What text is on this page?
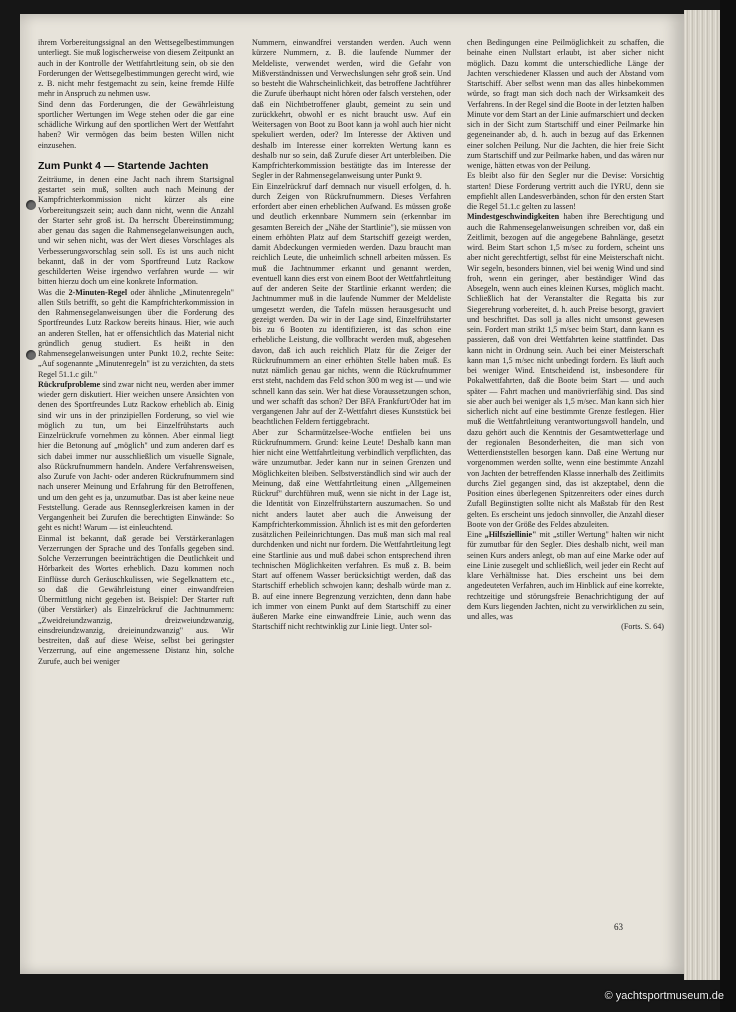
ihrem Vorbereitungssignal an den Wettsegelbestimmungen unterliegt. Sie muß logischerweise von diesem Zeitpunkt an auch in der Kontrolle der Wettfahrtleitung sein, ob sie den Forderungen der Wettsegelbestimmungen gerecht wird, wie z. B. nicht mehr festgemacht zu sein, keine fremde Hilfe mehr in Anspruch zu nehmen usw.

Sind denn das Forderungen, die der Gewährleistung sportlicher Wertungen im Wege stehen oder die gar eine schädliche Wirkung auf den sportlichen Wert der Wettfahrt haben? Wir vermögen das beim besten Willen nicht einzusehen.

Zum Punkt 4 — Startende Jachten

Zeiträume, in denen eine Jacht nach ihrem Startsignal gestartet sein muß, sollten auch nach Meinung der Kampfrichterkommission nicht kürzer als eine Vorbereitungszeit sein; auch dann nicht, wenn die Anzahl der Starter sehr groß ist. Da herrscht Übereinstimmung; aber genau das sagen die Rahmensegelanweisungen auch, und wir sehen nicht, was der Wert dieses Vorschlages als Verbesserungsvorschlag sein soll. Es ist uns auch nicht bekannt, daß in der vom Sportfreund Lutz Rackow geschilderten Weise irgendwo verfahren wurde — wir bitten hierzu doch um eine konkrete Information.

Was die 2-Minuten-Regel oder ähnliche „Minutenregeln" allen Stils betrifft, so geht die Kampfrichterkommission in den Rahmensegelanweisungen über die Forderung des Sportfreundes Lutz Rackow bereits hinaus. Hier, wie auch an anderen Stellen, hat er offensichtlich das Material nicht gründlich genug studiert. Es heißt in den Rahmensegelanweisungen unter Punkt 10.2, rechte Seite: „Auf sogenannte „Minutenregeln" ist zu verzichten, da stets Regel 51.1.c gilt."

Rückrufprobleme sind zwar nicht neu, werden aber immer wieder gern diskutiert. Hier weichen unsere Ansichten von denen des Sportfreundes Lutz Rackow erheblich ab. Einig sind wir uns in der prinzipiellen Forderung, so viel wie möglich zu tun, um bei Einzelfrühstarts auch Einzelrückrufe vornehmen zu können. Aber einmal liegt hier die Betonung auf „möglich" und zum anderen darf es sich dabei immer nur ausschließlich um visuelle Signale, also Rückrufnummern handeln. Andere Verfahrensweisen, also Zurufe von Jacht- oder anderen Rückrufnummern sind nach unserer Meinung und Erfahrung für den Betroffenen, und um den geht es ja, unzumutbar. Das ist aber keine neue Feststellung. Gerade aus Rennseglerkreisen kamen in der Vergangenheit bei Zurufen die berechtigten Einwände: So geht es nicht! Warum — ist einleuchtend.

Einmal ist bekannt, daß gerade bei Verstärkeranlagen Verzerrungen der Sprache und des Tonfalls gegeben sind. Solche Verzerrungen beeinträchtigen die Deutlichkeit und Hörbarkeit des Wortes erheblich. Dazu kommen noch Einflüsse durch Geräuschkulissen, wie Segelknattern etc., so daß die Gewährleistung einer einwandfreien Übermittlung nicht gegeben ist. Beispiel: Der Starter ruft (über Verstärker) als Einzelrückruf die Jachtnummern: „Zweidreiundzwanzig, dreizweiundzwanzig, einsdreiundzwanzig, dreieinundzwanzig" aus. Wir bestreiten, daß auf diese Weise, selbst bei geringster Verzerrung, auf eine angemessene Distanz hin, solche Zurufe, auch bei weniger

Nummern, einwandfrei verstanden werden. Auch wenn kürzere Nummern, z. B. die laufende Nummer der Meldeliste, verwendet werden, wird die Gefahr von Mißverständnissen und Verwechslungen sehr groß sein. Und so besteht die Wahrscheinlichkeit, das betroffene Jachtführer die Zurufe überhaupt nicht hören oder falsch verstehen, oder daß ein Nichtbetroffener glaubt, gemeint zu sein und zurückkehrt, obwohl er es nicht braucht usw. Auf ein Weitersagen von Boot zu Boot kann ja wohl auch hier nicht spekuliert werden, oder? Im Interesse der Aktiven und deshalb im Interesse einer korrekten Wertung kann es deshalb nur so sein, daß Zurufe dieser Art unterbleiben. Die Kampfrichterkommission bestätigte das im Interesse der Segler in der Rahmensegelanweisung unter Punkt 9.

Ein Einzelrückruf darf demnach nur visuell erfolgen, d. h. durch Zeigen von Rückrufnummern. Dieses Verfahren erfordert aber einen erheblichen Aufwand. Es müssen große und deutlich erkennbare Nummern sein (erkennbar im gesamten Bereich der „Nähe der Startlinie"), sie müssen von einem erhöhten Platz auf dem Startschiff gezeigt werden, damit Abdeckungen vermieden werden. Dazu braucht man reichlich Leute, die unheimlich schnell arbeiten müssen. Es muß die Jachtnummer erkannt und genannt werden, eventuell kann dies erst von einem Boot der Wettfahrtleitung auf der anderen Seite der Startlinie erkannt werden; die Jachtnummer muß in die laufende Nummer der Meldeliste umgesetzt werden, die Tafeln müssen herausgesucht und gezeigt werden. Da wir in der Lage sind, Einzelfrühstarter bis zu 6 Booten zu identifizieren, ist das schon eine erhebliche Leistung, die vollbracht werden muß, abgesehen davon, daß ich auch reichlich Platz für die Zeiger der Rückrufnummern an einer erhöhten Stelle haben muß. Es nutzt nämlich genau gar nichts, wenn die Rückrufnummer erst steht, nachdem das Feld schon 300 m weg ist — und wie schnell kann das sein. Wer hat diese Voraussetzungen schon, und wer schafft das schon? Der BFA Frankfurt/Oder hat im vergangenen Jahr auf der Z-Wettfahrt dieses Kunststück bei beachtlichen Feldern fertiggebracht.

Aber zur Scharmützelsee-Woche entfielen bei uns Rückrufnummern. Grund: keine Leute! Deshalb kann man hier nicht eine Wettfahrtleitung verbindlich verpflichten, das wäre unzumutbar. Jeder kann nur in seinen Grenzen und Möglichkeiten bleiben. Selbstverständlich sind wir auch der Meinung, daß eine Wettfahrtleitung einen „Allgemeinen Rückruf" durchführen muß, wenn sie nicht in der Lage ist, die Identität von Einzelfrühstartern auszumachen. So und nicht anders lautet aber auch die Anweisung der Kampfrichterkommission. Ähnlich ist es mit den geforderten zusätzlichen Peileinrichtungen. Das muß man sich mal real durchdenken und nicht nur fordern. Die Wettfahrtleitung legt eine Startlinie aus und muß dabei schon entsprechend ihren technischen Möglichkeiten verfahren. Es muß z. B. beim Start auf offenem Wasser berücksichtigt werden, daß das Startschiff erheblich schwojen kann; deshalb würde man z. B. auf eine innere Begrenzung verzichten, denn dann habe ich immer von einem Punkt auf dem Startschiff zu einer äußeren Marke eine einwandfreie Linie, auch wenn das Startschiff nicht rechtwinklig zur Linie liegt. Unter sol-

chen Bedingungen eine Peilmöglichkeit zu schaffen, die beinahe einen Nullstart erlaubt, ist aber sicher nicht möglich. Dazu kommt die unterschiedliche Länge der Jachten verschiedener Klassen und auch der Abstand vom Startschiff. Aber selbst wenn man das alles hinbekommen würde, so fragt man sich doch nach der Wirksamkeit des Verfahrens. In der Regel sind die Boote in der letzten halben Minute vor dem Start an der Linie aufmarschiert und decken sich in der Sicht zum Startschiff und einer Peilmarke hin gegeneinander ab, d. h. auch in bezug auf das Erkennen einer solchen Peilung. Nur die Jachten, die hier freie Sicht zum Startschiff und zur Peilmarke haben, und das wären nur wenige, hätten etwas von der Peilung.

Es bleibt also für den Segler nur die Devise: Vorsichtig starten! Diese Forderung vertritt auch die IYRU, denn sie empfiehlt allen Landesverbänden, schon für den ersten Start die Regel 51.1.c gelten zu lassen!

Mindestgeschwindigkeiten haben ihre Berechtigung und auch die Rahmensegelanweisungen schreiben vor, daß ein Zeitlimit, bezogen auf die angegebene Bahnlänge, gesetzt wird. Beim Start schon 1,5 m/sec zu fordern, scheint uns aber nicht gerechtfertigt, selbst für eine Meisterschaft nicht. Wir segeln, besonders binnen, viel bei wenig Wind und sind froh, wenn ein geringer, aber beständiger Wind das Absegeln, wenn auch eines kleinen Kurses, möglich macht. Schließlich hat der Veranstalter die Regatta bis zur Siegerehrung vorbereitet, d. h. auch Preise besorgt, graviert und beschriftet. Das soll ja alles nicht umsonst gewesen sein. Fordert man strikt 1,5 m/sec beim Start, dann kann es passieren, daß von drei Wettfahrten keine stattfindet. Das kann nicht in Ordnung sein. Auch bei einer Meisterschaft kann man 1,5 m/sec nicht unbedingt fordern. Es läuft auch bei weniger Wind. Entscheidend ist, insbesondere für Pokalwettfahrten, daß die Boote beim Start — und auch später — Fahrt machen und manövrierfähig sind. Das sind sie aber auch bei weniger als 1,5 m/sec. Man kann sich hier sicherlich nicht auf eine bestimmte Grenze festlegen. Hier muß die Wettfahrtleitung verantwortungsvoll handeln, und dazu gehört auch die Kenntnis der Gesamtwetterlage und der regionalen Besonderheiten, die man sich von Wetterdienststellen besorgen kann. Daß eine Wertung nur vorgenommen werden sollte, wenn eine bestimmte Anzahl von Jachten der betreffenden Klasse innerhalb des Zeitlimits durchs Ziel gegangen sind, das ist akzeptabel, denn die Position eines überlegenen Spitzenreiters oder eines durch Zufall Begünstigten sollte nicht als Maßstab für den Rest gelten. Es erscheint uns jedoch sinnvoller, die Anzahl dieser Boote von der Größe des Feldes abzuleiten.

Eine „Hilfsziellinie" mit „stiller Wertung" halten wir nicht für zumutbar für den Segler. Dies deshalb nicht, weil man seinen Kurs anders anlegt, ob man auf eine Marke oder auf eine Linie zusegelt und schließlich, weil jeder ein Recht auf klare Verhältnisse hat. Dies erscheint uns bei dem angedeuteten Verfahren, auch im Hinblick auf eine korrekte, rechtzeitige und störungsfreie Benachrichtigung der auf dem Kurs liegenden Jachten, nicht zu verwirklichen zu sein, und alles, was

(Forts. S. 64)

63
© yachtsportmuseum.de
